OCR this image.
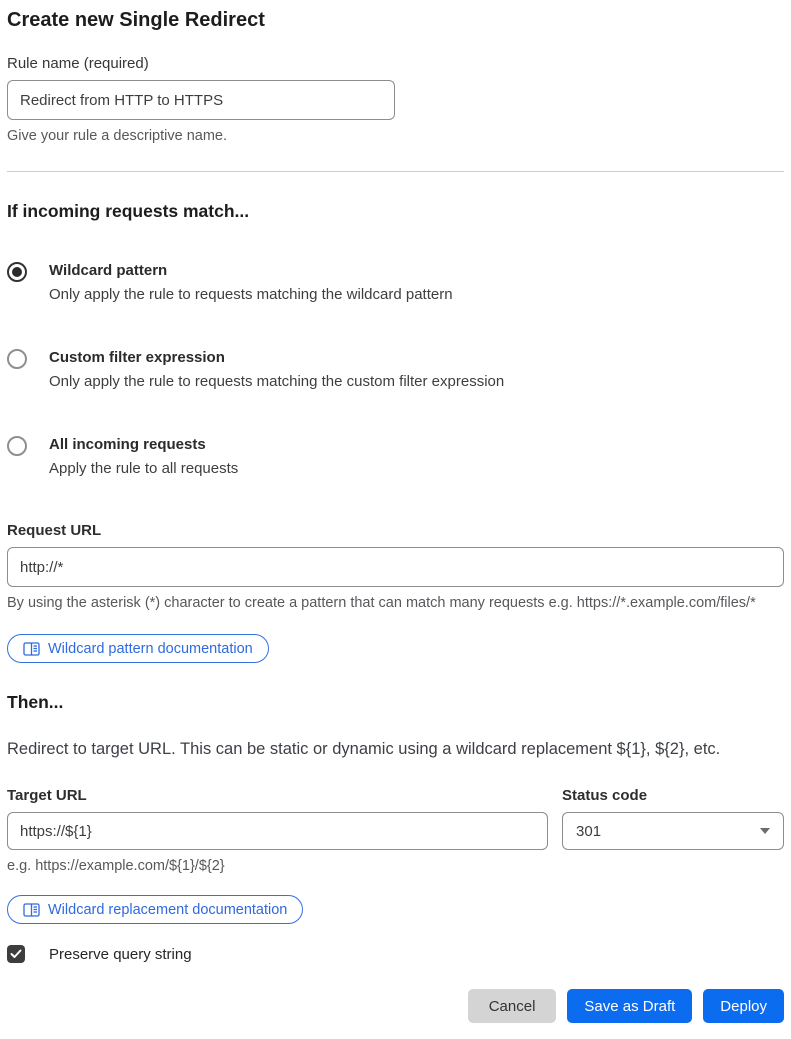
Create new Single Redirect
Rule name (required)
Redirect from HTTP to HTTPS
Give your rule a descriptive name.
If incoming requests match...
Wildcard pattern
Only apply the rule to requests matching the wildcard pattern
Custom filter expression
Only apply the rule to requests matching the custom filter expression
All incoming requests
Apply the rule to all requests
Request URL
http://*
By using the asterisk (*) character to create a pattern that can match many requests e.g. https://*.example.com/files/*
Wildcard pattern documentation
Then...
Redirect to target URL. This can be static or dynamic using a wildcard replacement ${1}, ${2}, etc.
Target URL
https://${1}
e.g. https://example.com/${1}/${2}
Status code
301
Wildcard replacement documentation
Preserve query string
Cancel	Save as Draft	Deploy
